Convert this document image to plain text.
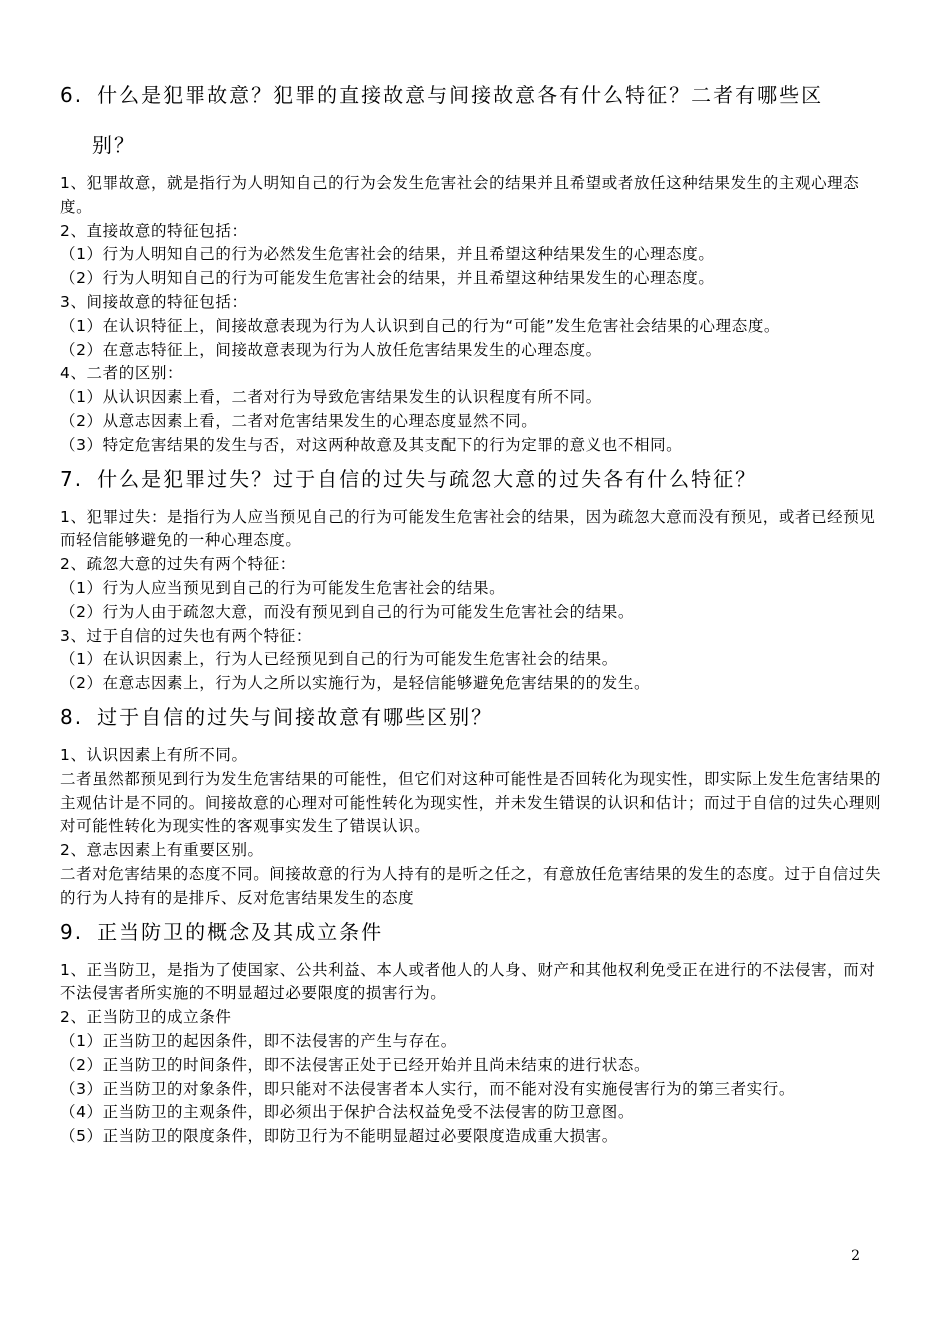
6. 什么是犯罪故意？犯罪的直接故意与间接故意各有什么特征？二者有哪些区
别？

1、犯罪故意，就是指行为人明知自己的行为会发生危害社会的结果并且希望或者放任这种结果发生的主观心理态度。

2、直接故意的特征包括：

（1）行为人明知自己的行为必然发生危害社会的结果，并且希望这种结果发生的心理态度。

（2）行为人明知自己的行为可能发生危害社会的结果，并且希望这种结果发生的心理态度。

3、间接故意的特征包括：

（1）在认识特征上，间接故意表现为行为人认识到自己的行为“可能”发生危害社会结果的心理态度。

（2）在意志特征上，间接故意表现为行为人放任危害结果发生的心理态度。

4、二者的区别：

（1）从认识因素上看，二者对行为导致危害结果发生的认识程度有所不同。

（2）从意志因素上看，二者对危害结果发生的心理态度显然不同。

（3）特定危害结果的发生与否，对这两种故意及其支配下的行为定罪的意义也不相同。

7. 什么是犯罪过失？过于自信的过失与疏忽大意的过失各有什么特征？

1、犯罪过失：是指行为人应当预见自己的行为可能发生危害社会的结果，因为疏忽大意而没有预见，或者已经预见而轻信能够避免的一种心理态度。

2、疏忽大意的过失有两个特征：

（1）行为人应当预见到自己的行为可能发生危害社会的结果。

（2）行为人由于疏忽大意，而没有预见到自己的行为可能发生危害社会的结果。

3、过于自信的过失也有两个特征：

（1）在认识因素上，行为人已经预见到自己的行为可能发生危害社会的结果。

（2）在意志因素上，行为人之所以实施行为，是轻信能够避免危害结果的的发生。

8. 过于自信的过失与间接故意有哪些区别？

1、认识因素上有所不同。

二者虽然都预见到行为发生危害结果的可能性，但它们对这种可能性是否回转化为现实性，即实际上发生危害结果的主观估计是不同的。间接故意的心理对可能性转化为现实性，并未发生错误的认识和估计；而过于自信的过失心理则对可能性转化为现实性的客观事实发生了错误认识。

2、意志因素上有重要区别。

二者对危害结果的态度不同。间接故意的行为人持有的是听之任之，有意放任危害结果的发生的态度。过于自信过失的行为人持有的是排斥、反对危害结果发生的态度

9. 正当防卫的概念及其成立条件

1、正当防卫，是指为了使国家、公共利益、本人或者他人的人身、财产和其他权利免受正在进行的不法侵害，而对不法侵害者所实施的不明显超过必要限度的损害行为。

2、正当防卫的成立条件

（1）正当防卫的起因条件，即不法侵害的产生与存在。

（2）正当防卫的时间条件，即不法侵害正处于已经开始并且尚未结束的进行状态。

（3）正当防卫的对象条件，即只能对不法侵害者本人实行，而不能对没有实施侵害行为的第三者实行。

（4）正当防卫的主观条件，即必须出于保护合法权益免受不法侵害的防卫意图。

（5）正当防卫的限度条件，即防卫行为不能明显超过必要限度造成重大损害。

2
